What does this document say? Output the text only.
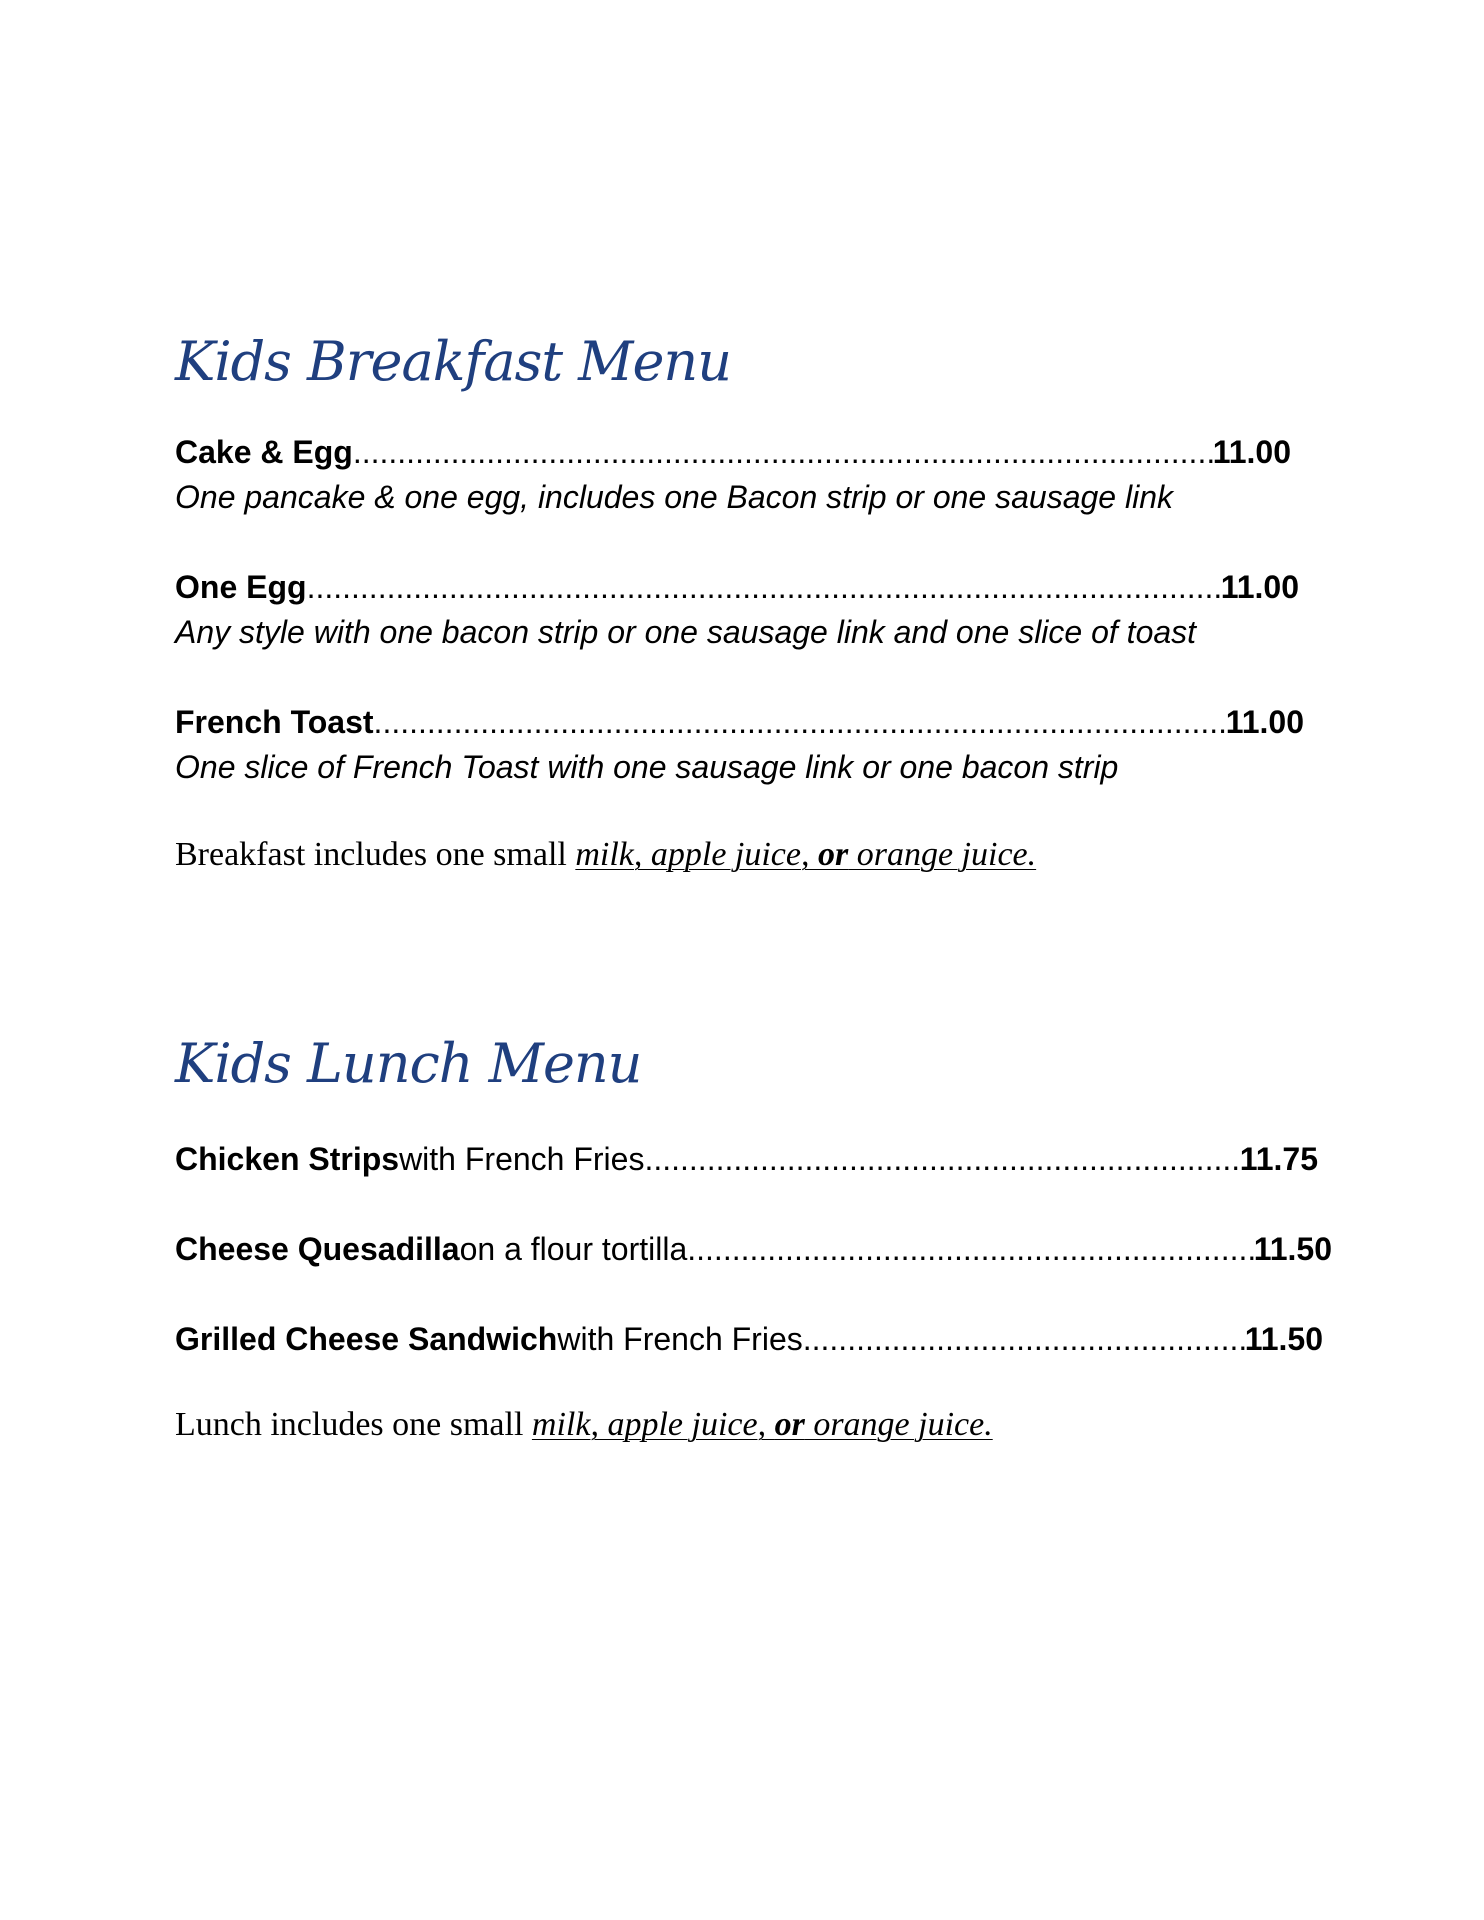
Kids Breakfast Menu
Cake & Egg .....	11.00

One pancake & one egg, includes one Bacon strip or one sausage link

One Egg .....	11.00

Any style with one bacon strip or one sausage link and one slice of toast

French Toast .....	11.00

One slice of French Toast with one sausage link or one bacon strip

Breakfast includes one small milk, apple juice, or orange juice.

Kids Lunch Menu
Chicken Strips with French Fries .....	11.75
Cheese Quesadilla on a flour tortilla .....	11.50
Grilled Cheese Sandwich with French Fries .....	11.50

Lunch includes one small milk, apple juice, or orange juice.
